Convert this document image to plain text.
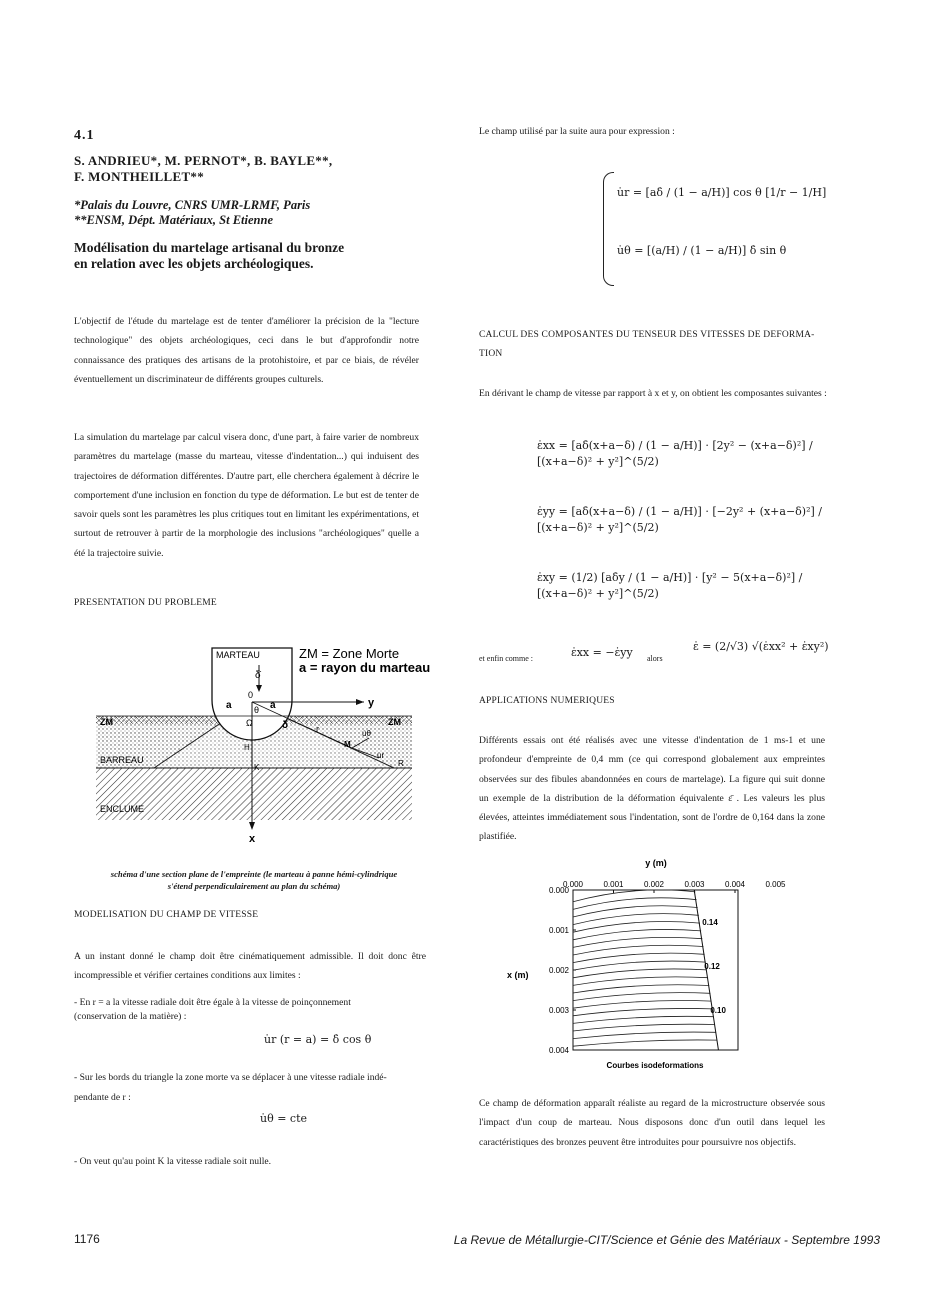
4.1
S. ANDRIEU*, M. PERNOT*, B. BAYLE**,
F. MONTHEILLET**
*Palais du Louvre, CNRS UMR-LRMF, Paris
**ENSM, Dépt. Matériaux, St Etienne
Modélisation du martelage artisanal du bronze
en relation avec les objets archéologiques.
L'objectif de l'étude du martelage est de tenter d'améliorer la précision de la "lecture technologique" des objets archéologiques, ceci dans le but d'approfondir notre connaissance des pratiques des artisans de la protohistoire, et par ce biais, de révéler éventuellement un discriminateur de différents groupes culturels.
La simulation du martelage par calcul visera donc, d'une part, à faire varier de nombreux paramètres du martelage (masse du marteau, vitesse d'indentation...) qui induisent des trajectoires de déformation différentes. D'autre part, elle cherchera également à décrire le comportement d'une inclusion en fonction du type de déformation. Le but est de tenter de savoir quels sont les paramètres les plus critiques tout en limitant les expérimentations, et surtout de retrouver à partir de la morphologie des inclusions "archéologiques" quelle a été la trajectoire suivie.
PRESENTATION DU PROBLEME
MARTEAU	ZM = Zone Morte
a = rayon du marteau
δ̇
y
x
a	a
0
θ
Ω
H
K	R
M
r
δ
u̇θ
u̇r
ZM	ZM
BARREAU
ENCLUME
schéma d'une section plane de l'empreinte (le marteau à panne hémi-cylindrique
s'étend perpendiculairement au plan du schéma)
MODELISATION DU CHAMP DE VITESSE
A un instant donné le champ doit être cinématiquement admissible. Il doit donc être incompressible et vérifier certaines conditions aux limites :
- En r = a la vitesse radiale doit être égale à la vitesse de poinçonnement
(conservation de la matière) :
u̇r (r = a) = δ̇ cos θ
- Sur les bords du triangle la zone morte va se déplacer à une vitesse radiale indé-
pendante de r :
u̇θ = cte
- On veut qu'au point K la vitesse radiale soit nulle.
Le champ utilisé par la suite aura pour expression :
u̇r = [aδ̇ / (1 − a/H)] cos θ [1/r − 1/H]
u̇θ = [(a/H) / (1 − a/H)] δ̇ sin θ
CALCUL DES COMPOSANTES DU TENSEUR DES VITESSES DE DEFORMA-
TION
En dérivant le champ de vitesse par rapport à x et y, on obtient les composantes suivantes :
ε̇xx = [aδ̇(x+a−δ) / (1 − a/H)] · [2y² − (x+a−δ)²] / [(x+a−δ)² + y²]^(5/2)
ε̇yy = [aδ̇(x+a−δ) / (1 − a/H)] · [−2y² + (x+a−δ)²] / [(x+a−δ)² + y²]^(5/2)
ε̇xy = (1/2) [aδ̇y / (1 − a/H)] · [y² − 5(x+a−δ)²] / [(x+a−δ)² + y²]^(5/2)
et enfin comme :	ε̇xx = −ε̇yy alors
ε̇ = (2/√3) √(ε̇xx² + ε̇xy²)
APPLICATIONS NUMERIQUES
Différents essais ont été réalisés avec une vitesse d'indentation de 1 ms-1 et une profondeur d'empreinte de 0,4 mm (ce qui correspond globalement aux empreintes observées sur des fibules abandonnées en cours de martelage). La figure qui suit donne un exemple de la distribution de la déformation équivalente ε̄ . Les valeurs les plus élevées, atteintes immédiatement sous l'indentation, sont de l'ordre de 0,164 dans la zone plastifiée.
y (m)
x (m)
0.000	0.001	0.002	0.003	0.004	0.005
0.000
0.001
0.002
0.003
0.004
0.14
0.12
0.10
Courbes isodeformations
Ce champ de déformation apparaît réaliste au regard de la microstructure observée sous l'impact d'un coup de marteau. Nous disposons donc d'un outil dans lequel les caractéristiques des bronzes peuvent être introduites pour poursuivre nos objectifs.
1176	La Revue de Métallurgie-CIT/Science et Génie des Matériaux - Septembre 1993
